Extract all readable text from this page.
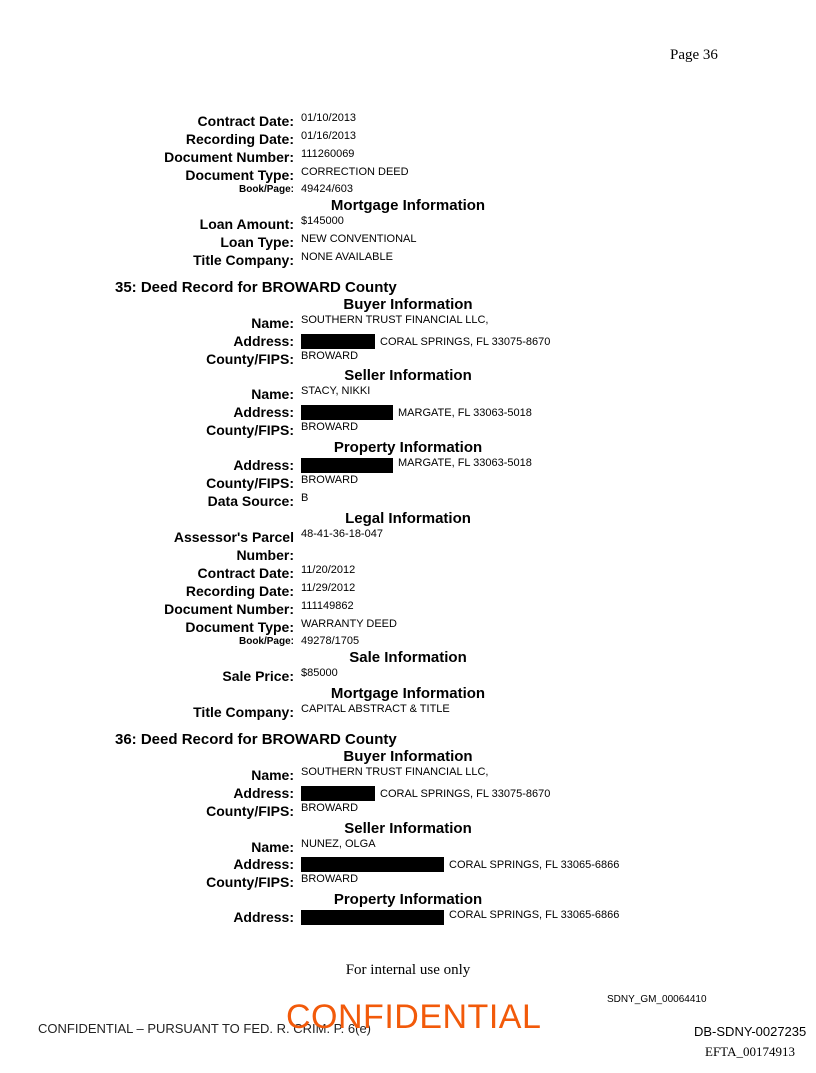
Page 36
Contract Date: 01/10/2013
Recording Date: 01/16/2013
Document Number: 111260069
Document Type: CORRECTION DEED
Book/Page: 49424/603
Mortgage Information
Loan Amount: $145000
Loan Type: NEW CONVENTIONAL
Title Company: NONE AVAILABLE
35: Deed Record for BROWARD County
Buyer Information
Name: SOUTHERN TRUST FINANCIAL LLC,
Address:	CORAL SPRINGS, FL 33075-8670
County/FIPS: BROWARD
Seller Information
Name: STACY, NIKKI
Address:	MARGATE, FL 33063-5018
County/FIPS: BROWARD
Property Information
Address:	MARGATE, FL 33063-5018
County/FIPS: BROWARD
Data Source: B
Legal Information
Assessor's Parcel
Number:
48-41-36-18-047
Contract Date: 11/20/2012
Recording Date: 11/29/2012
Document Number: 111149862
Document Type: WARRANTY DEED
Book/Page: 49278/1705
Sale Information
Sale Price: $85000
Mortgage Information
Title Company: CAPITAL ABSTRACT & TITLE
36: Deed Record for BROWARD County
Buyer Information
Name: SOUTHERN TRUST FINANCIAL LLC,
Address:	CORAL SPRINGS, FL 33075-8670
County/FIPS: BROWARD
Seller Information
Name: NUNEZ, OLGA
Address:	CORAL SPRINGS, FL 33065-6866
County/FIPS: BROWARD
Property Information
Address:	CORAL SPRINGS, FL 33065-6866
For internal use only
SDNY_GM_00064410
CONFIDENTIAL – PURSUANT TO FED. R. CRIM. P. 6(e)
CONFIDENTIAL	DB-SDNY-0027235
EFTA_00174913
